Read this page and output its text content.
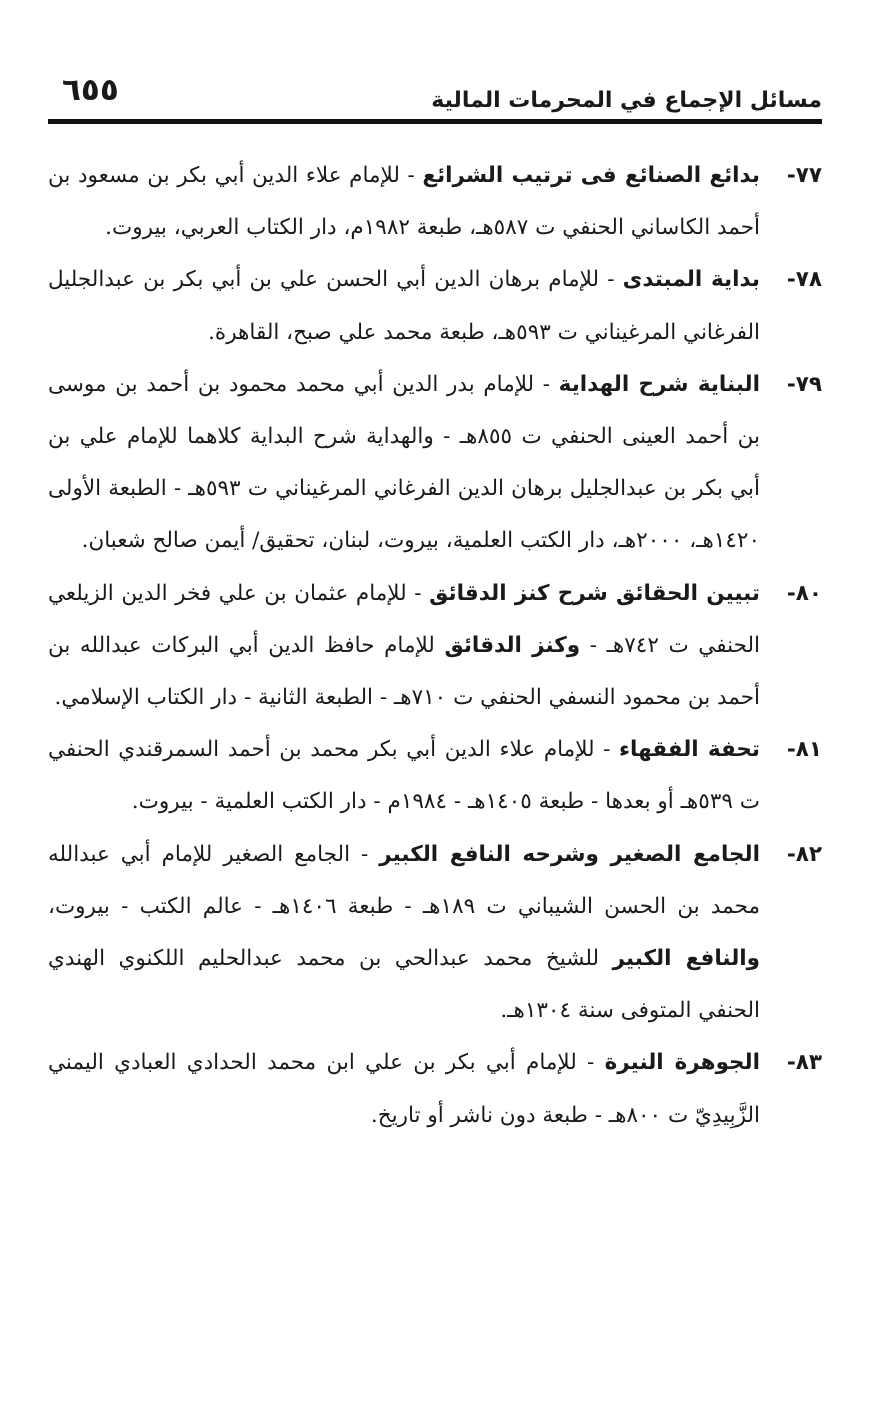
مسائل الإجماع في المحرمات المالية
٦٥٥
٧٧-
بدائع الصنائع فى ترتيب الشرائع - للإمام علاء الدين أبي بكر بن مسعود بن أحمد الكاساني الحنفي ت ٥٨٧هـ، طبعة ١٩٨٢م، دار الكتاب العربي، بيروت.
٧٨-
بداية المبتدى - للإمام برهان الدين أبي الحسن علي بن أبي بكر بن عبدالجليل الفرغاني المرغيناني ت ٥٩٣هـ، طبعة محمد علي صبح، القاهرة.
٧٩-
البناية شرح الهداية - للإمام بدر الدين أبي محمد محمود بن أحمد بن موسى بن أحمد العينى الحنفي ت ٨٥٥هـ - والهداية شرح البداية كلاهما للإمام علي بن أبي بكر بن عبدالجليل برهان الدين الفرغاني المرغيناني ت ٥٩٣هـ - الطبعة الأولى ١٤٢٠هـ، ٢٠٠٠هـ، دار الكتب العلمية، بيروت، لبنان، تحقيق/ أيمن صالح شعبان.
٨٠-
تبيين الحقائق شرح كنز الدقائق - للإمام عثمان بن علي فخر الدين الزيلعي الحنفي ت ٧٤٢هـ - وكنز الدقائق للإمام حافظ الدين أبي البركات عبدالله بن أحمد بن محمود النسفي الحنفي ت ٧١٠هـ - الطبعة الثانية - دار الكتاب الإسلامي.
٨١-
تحفة الفقهاء - للإمام علاء الدين أبي بكر محمد بن أحمد السمرقندي الحنفي ت ٥٣٩هـ أو بعدها - طبعة ١٤٠٥هـ - ١٩٨٤م - دار الكتب العلمية - بيروت.
٨٢-
الجامع الصغير وشرحه النافع الكبير - الجامع الصغير للإمام أبي عبدالله محمد بن الحسن الشيباني ت ١٨٩هـ - طبعة ١٤٠٦هـ - عالم الكتب - بيروت، والنافع الكبير للشيخ محمد عبدالحي بن محمد عبدالحليم اللكنوي الهندي الحنفي المتوفى سنة ١٣٠٤هـ.
٨٣-
الجوهرة النيرة - للإمام أبي بكر بن علي ابن محمد الحدادي العبادي اليمني الزَّبِيدِيّ ت ٨٠٠هـ - طبعة دون ناشر أو تاريخ.
